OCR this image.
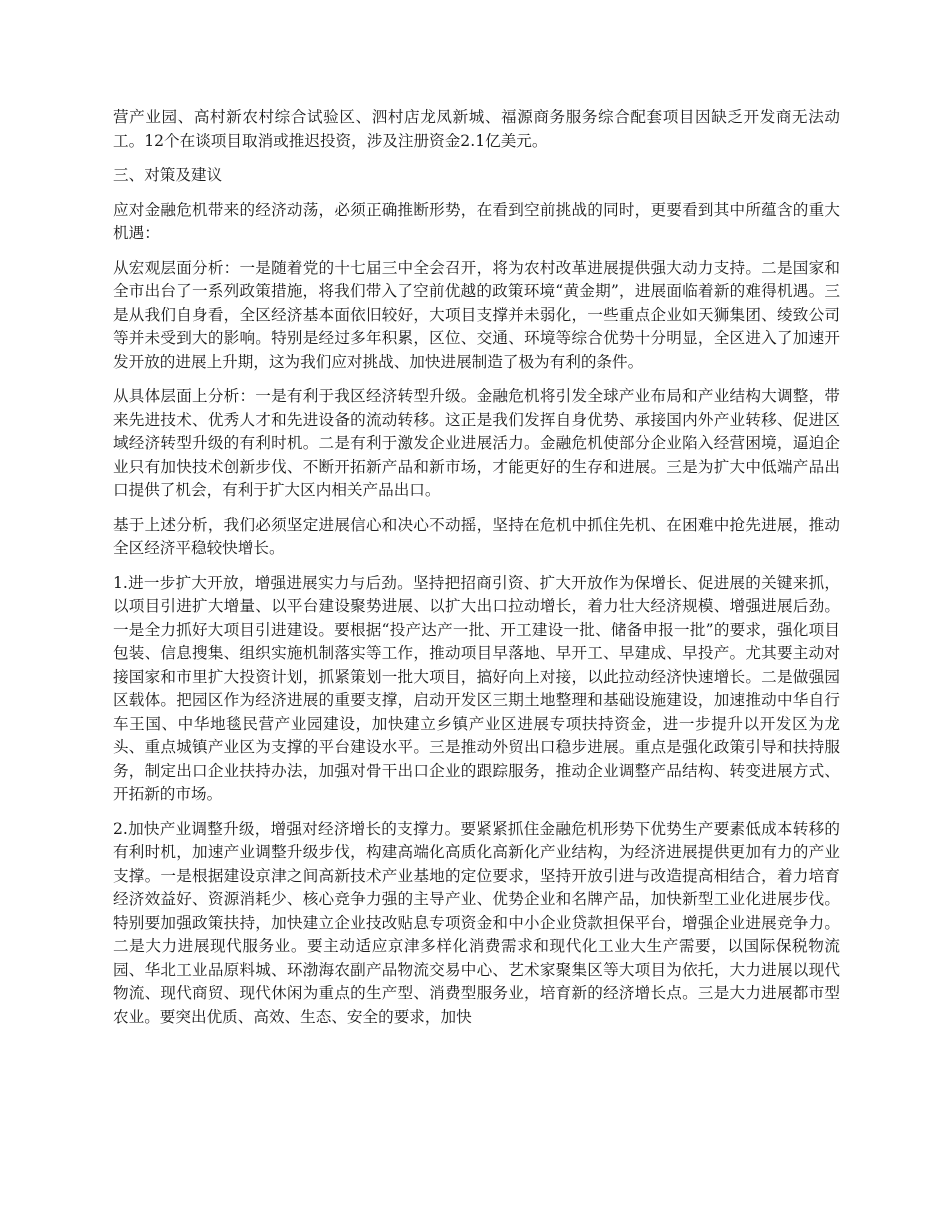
营产业园、高村新农村综合试验区、泗村店龙凤新城、福源商务服务综合配套项目因缺乏开发商无法动工。12个在谈项目取消或推迟投资，涉及注册资金2.1亿美元。

三、对策及建议

应对金融危机带来的经济动荡，必须正确推断形势，在看到空前挑战的同时，更要看到其中所蕴含的重大机遇：

从宏观层面分析：一是随着党的十七届三中全会召开，将为农村改革进展提供强大动力支持。二是国家和全市出台了一系列政策措施，将我们带入了空前优越的政策环境“黄金期”，进展面临着新的难得机遇。三是从我们自身看，全区经济基本面依旧较好，大项目支撑并未弱化，一些重点企业如天狮集团、绫致公司等并未受到大的影响。特别是经过多年积累，区位、交通、环境等综合优势十分明显，全区进入了加速开发开放的进展上升期，这为我们应对挑战、加快进展制造了极为有利的条件。

从具体层面上分析：一是有利于我区经济转型升级。金融危机将引发全球产业布局和产业结构大调整，带来先进技术、优秀人才和先进设备的流动转移。这正是我们发挥自身优势、承接国内外产业转移、促进区域经济转型升级的有利时机。二是有利于激发企业进展活力。金融危机使部分企业陷入经营困境，逼迫企业只有加快技术创新步伐、不断开拓新产品和新市场，才能更好的生存和进展。三是为扩大中低端产品出口提供了机会，有利于扩大区内相关产品出口。

基于上述分析，我们必须坚定进展信心和决心不动摇，坚持在危机中抓住先机、在困难中抢先进展，推动全区经济平稳较快增长。

1.进一步扩大开放，增强进展实力与后劲。坚持把招商引资、扩大开放作为保增长、促进展的关键来抓，以项目引进扩大增量、以平台建设聚势进展、以扩大出口拉动增长，着力壮大经济规模、增强进展后劲。一是全力抓好大项目引进建设。要根据“投产达产一批、开工建设一批、储备申报一批”的要求，强化项目包装、信息搜集、组织实施机制落实等工作，推动项目早落地、早开工、早建成、早投产。尤其要主动对接国家和市里扩大投资计划，抓紧策划一批大项目，搞好向上对接，以此拉动经济快速增长。二是做强园区载体。把园区作为经济进展的重要支撑，启动开发区三期土地整理和基础设施建设，加速推动中华自行车王国、中华地毯民营产业园建设，加快建立乡镇产业区进展专项扶持资金，进一步提升以开发区为龙头、重点城镇产业区为支撑的平台建设水平。三是推动外贸出口稳步进展。重点是强化政策引导和扶持服务，制定出口企业扶持办法，加强对骨干出口企业的跟踪服务，推动企业调整产品结构、转变进展方式、开拓新的市场。

2.加快产业调整升级，增强对经济增长的支撑力。要紧紧抓住金融危机形势下优势生产要素低成本转移的有利时机，加速产业调整升级步伐，构建高端化高质化高新化产业结构，为经济进展提供更加有力的产业支撑。一是根据建设京津之间高新技术产业基地的定位要求，坚持开放引进与改造提高相结合，着力培育经济效益好、资源消耗少、核心竞争力强的主导产业、优势企业和名牌产品，加快新型工业化进展步伐。特别要加强政策扶持，加快建立企业技改贴息专项资金和中小企业贷款担保平台，增强企业进展竞争力。二是大力进展现代服务业。要主动适应京津多样化消费需求和现代化工业大生产需要，以国际保税物流园、华北工业品原料城、环渤海农副产品物流交易中心、艺术家聚集区等大项目为依托，大力进展以现代物流、现代商贸、现代休闲为重点的生产型、消费型服务业，培育新的经济增长点。三是大力进展都市型农业。要突出优质、高效、生态、安全的要求，加快
